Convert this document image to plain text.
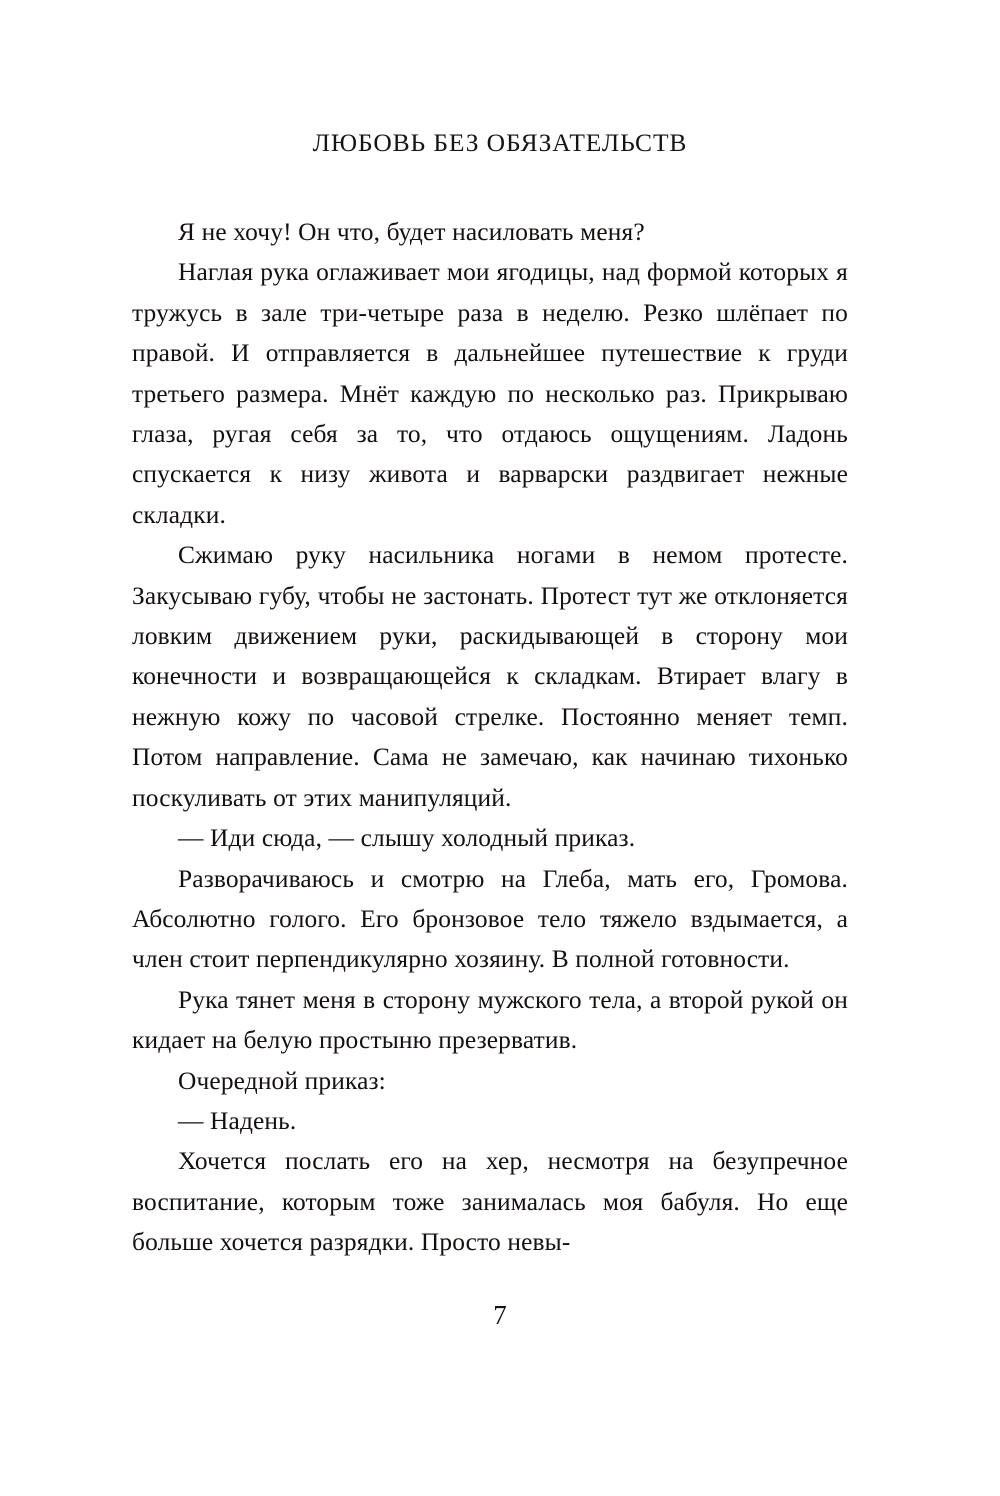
ЛЮБОВЬ БЕЗ ОБЯЗАТЕЛЬСТВ

Я не хочу! Он что, будет насиловать меня?

Наглая рука оглаживает мои ягодицы, над формой которых я тружусь в зале три-четыре раза в неделю. Резко шлёпает по правой. И отправляется в дальнейшее путешествие к груди третьего размера. Мнёт каждую по несколько раз. Прикрываю глаза, ругая себя за то, что отдаюсь ощущениям. Ладонь спускается к низу живота и варварски раздвигает нежные складки.

Сжимаю руку насильника ногами в немом протесте. Закусываю губу, чтобы не застонать. Протест тут же отклоняется ловким движением руки, раскидывающей в сторону мои конечности и возвращающейся к складкам. Втирает влагу в нежную кожу по часовой стрелке. Постоянно меняет темп. Потом направление. Сама не замечаю, как начинаю тихонько поскуливать от этих манипуляций.

— Иди сюда, — слышу холодный приказ.

Разворачиваюсь и смотрю на Глеба, мать его, Громова. Абсолютно голого. Его бронзовое тело тяжело вздымается, а член стоит перпендикулярно хозяину. В полной готовности.

Рука тянет меня в сторону мужского тела, а второй рукой он кидает на белую простыню презерватив.

Очередной приказ:

— Надень.

Хочется послать его на хер, несмотря на безупречное воспитание, которым тоже занималась моя бабуля. Но еще больше хочется разрядки. Просто невы-

7
